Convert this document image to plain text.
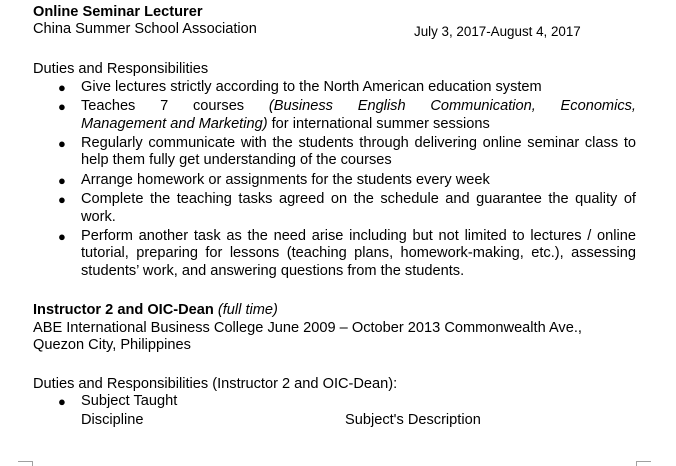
Online Seminar Lecturer

China Summer School Association	July 3, 2017-August 4, 2017

Duties and Responsibilities

● Give lectures strictly according to the North American education system
● Teaches 7 courses (Business English Communication, Economics,
Management and Marketing) for international summer sessions
● Regularly communicate with the students through delivering online seminar class to help them fully get understanding of the courses
● Arrange homework or assignments for the students every week
● Complete the teaching tasks agreed on the schedule and guarantee the quality of work.
● Perform another task as the need arise including but not limited to lectures / online tutorial, preparing for lessons (teaching plans, homework-making, etc.), assessing students’ work, and answering questions from the students.

Instructor 2 and OIC-Dean (full time)

ABE International Business College June 2009 – October 2013 Commonwealth Ave., Quezon City, Philippines

Duties and Responsibilities (Instructor 2 and OIC-Dean):

● Subject Taught
Discipline	Subject's Description
